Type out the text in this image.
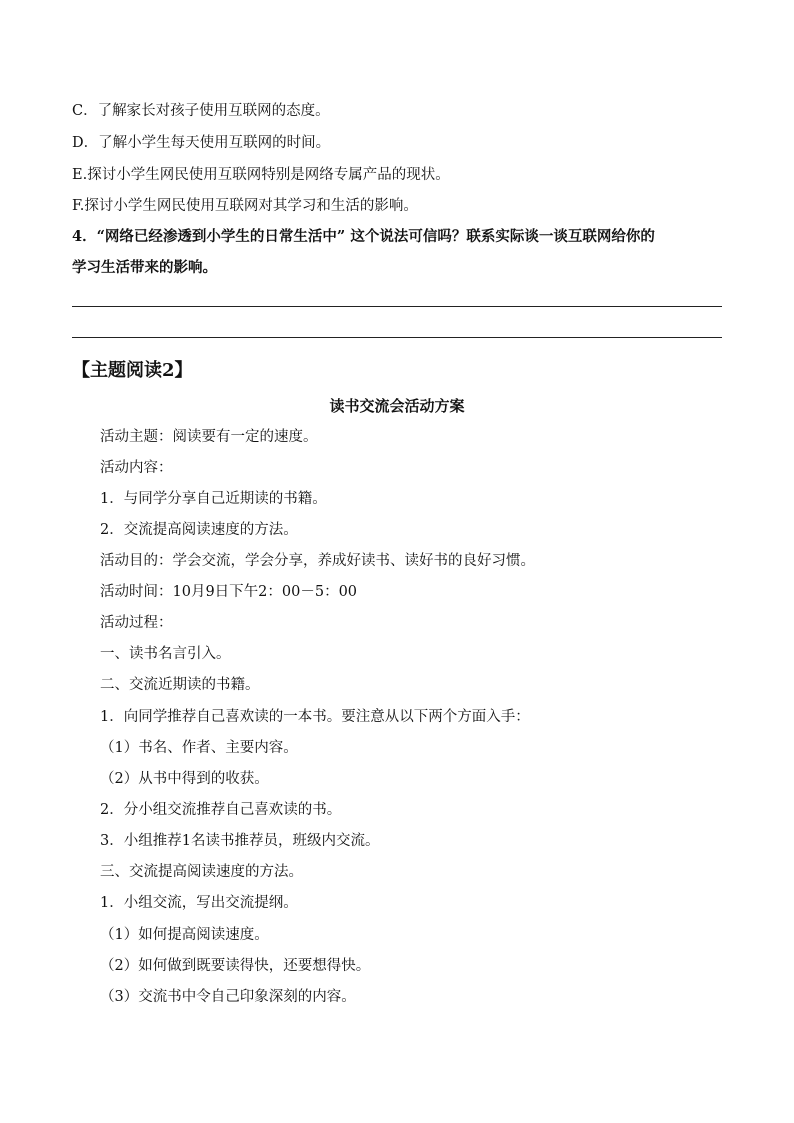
C．了解家长对孩子使用互联网的态度。
D．了解小学生每天使用互联网的时间。
E.探讨小学生网民使用互联网特别是网络专属产品的现状。
F.探讨小学生网民使用互联网对其学习和生活的影响。
4．“网络已经渗透到小学生的日常生活中” 这个说法可信吗？联系实际谈一谈互联网给你的
学习生活带来的影响。
【主题阅读2】
读书交流会活动方案
活动主题：阅读要有一定的速度。
活动内容：
1．与同学分享自己近期读的书籍。
2．交流提高阅读速度的方法。
活动目的：学会交流，学会分享，养成好读书、读好书的良好习惯。
活动时间：10月9日下午2：00－5：00
活动过程：
一、读书名言引入。
二、交流近期读的书籍。
1．向同学推荐自己喜欢读的一本书。要注意从以下两个方面入手：
（1）书名、作者、主要内容。
（2）从书中得到的收获。
2．分小组交流推荐自己喜欢读的书。
3．小组推荐1名读书推荐员，班级内交流。
三、交流提高阅读速度的方法。
1．小组交流，写出交流提纲。
（1）如何提高阅读速度。
（2）如何做到既要读得快，还要想得快。
（3）交流书中令自己印象深刻的内容。
